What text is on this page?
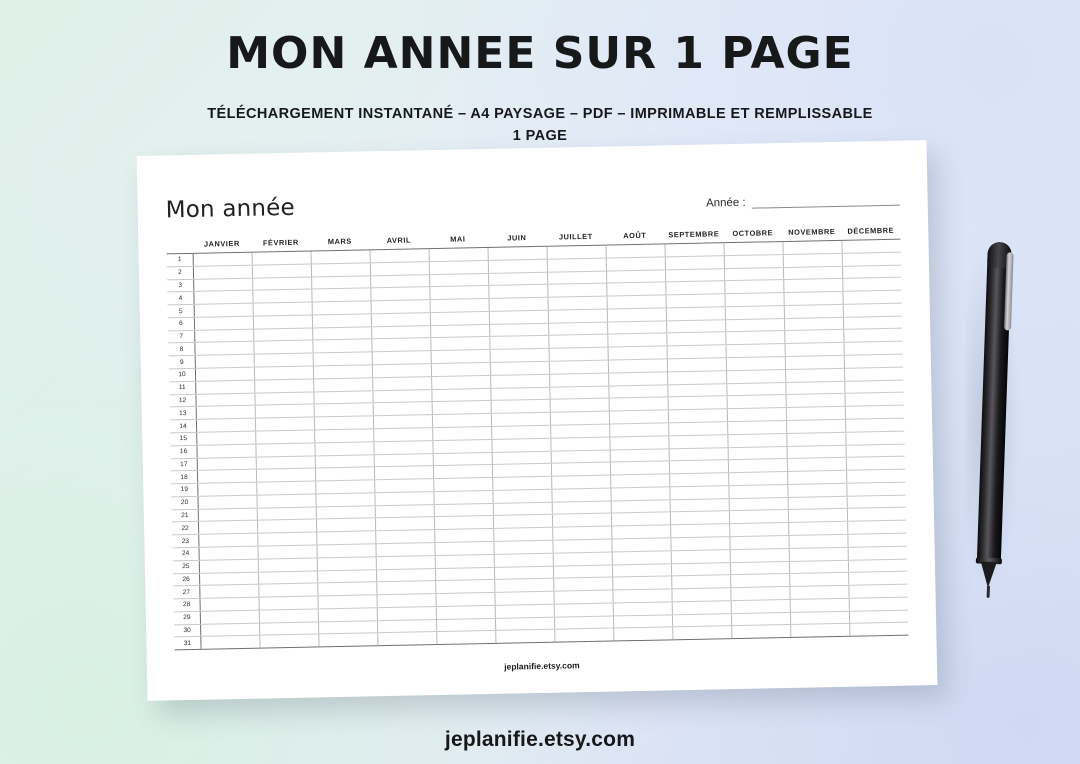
MON ANNEE SUR 1 PAGE
TÉLÉCHARGEMENT INSTANTANÉ – A4 PAYSAGE – PDF – IMPRIMABLE ET REMPLISSABLE
1 PAGE
Mon année	Année :
JANVIER	FÉVRIER	MARS	AVRIL	MAI	JUIN	JUILLET	AOÛT	SEPTEMBRE	OCTOBRE	NOVEMBRE	DÉCEMBRE
1
2
3
4
5
6
7
8
9
10
11
12
13
14
15
16
17
18
19
20
21
22
23
24
25
26
27
28
29
30
31
jeplanifie.etsy.com
jeplanifie.etsy.com
